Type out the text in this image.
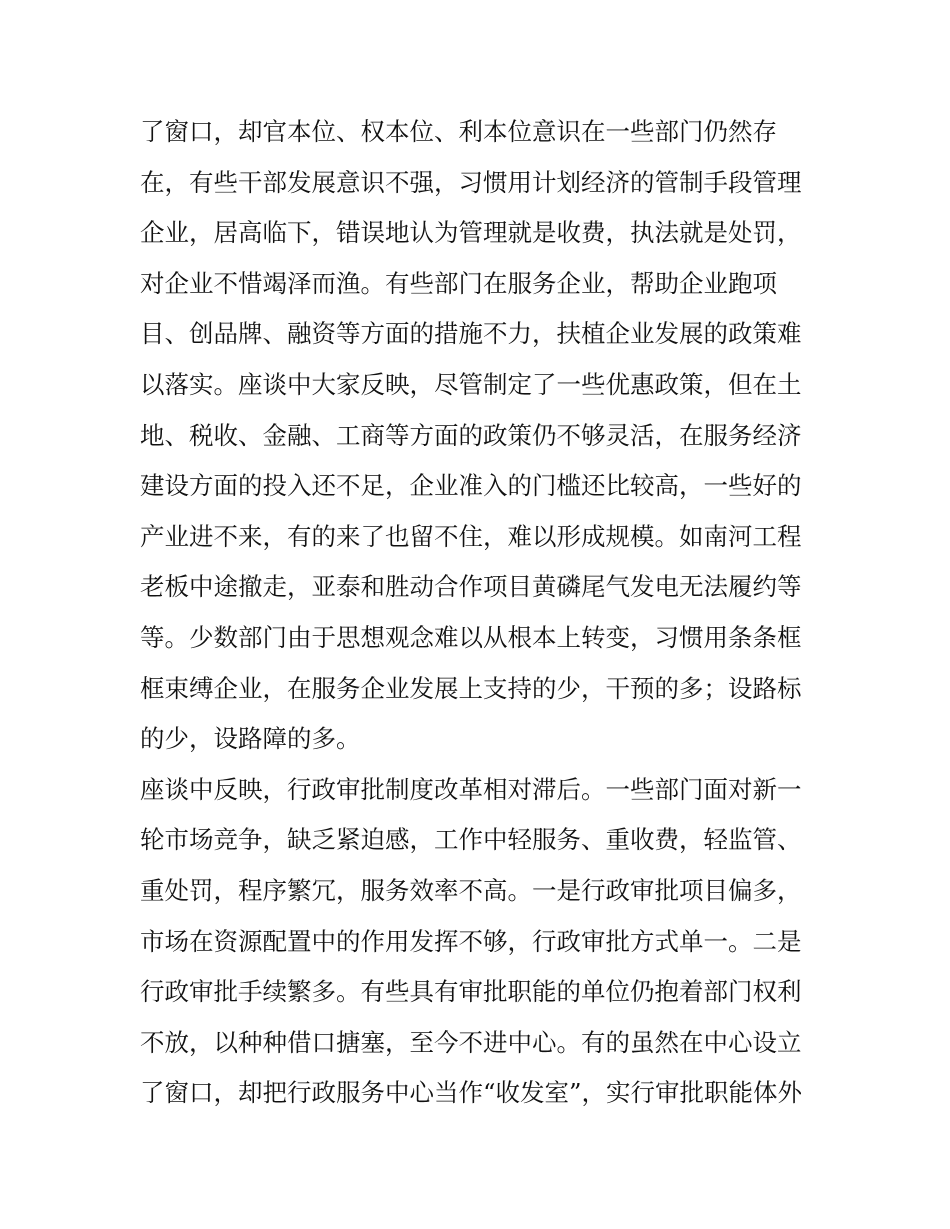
了窗口，却官本位、权本位、利本位意识在一些部门仍然存
在，有些干部发展意识不强，习惯用计划经济的管制手段管理
企业，居高临下，错误地认为管理就是收费，执法就是处罚，
对企业不惜竭泽而渔。有些部门在服务企业，帮助企业跑项
目、创品牌、融资等方面的措施不力，扶植企业发展的政策难
以落实。座谈中大家反映，尽管制定了一些优惠政策，但在土
地、税收、金融、工商等方面的政策仍不够灵活，在服务经济
建设方面的投入还不足，企业准入的门槛还比较高，一些好的
产业进不来，有的来了也留不住，难以形成规模。如南河工程
老板中途撤走，亚泰和胜动合作项目黄磷尾气发电无法履约等
等。少数部门由于思想观念难以从根本上转变，习惯用条条框
框束缚企业，在服务企业发展上支持的少，干预的多；设路标
的少，设路障的多。
座谈中反映，行政审批制度改革相对滞后。一些部门面对新一
轮市场竞争，缺乏紧迫感，工作中轻服务、重收费，轻监管、
重处罚，程序繁冗，服务效率不高。一是行政审批项目偏多，
市场在资源配置中的作用发挥不够，行政审批方式单一。二是
行政审批手续繁多。有些具有审批职能的单位仍抱着部门权利
不放，以种种借口搪塞，至今不进中心。有的虽然在中心设立
了窗口，却把行政服务中心当作“收发室”，实行审批职能体外
